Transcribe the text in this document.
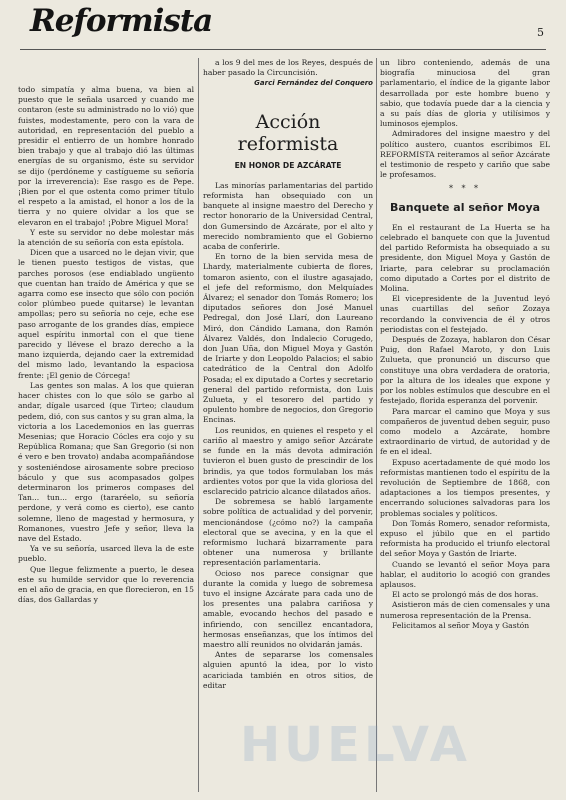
Reformista	5

todo simpatía y alma buena, va bien al puesto que le señala usarced y cuando me contaron (este su administrado no lo vió) que fuistes, modestamente, pero con la vara de autoridad, en representación del pueblo a presidir el entierro de un hombre honrado bien trabajo y que al trabajo dió las últimas energías de su organismo, éste su servidor se dijo (perdóneme y castígueme su señoría por la irreverencia): Ese rasgo es de Pepe. ¡Bien por el que ostenta como primer título el respeto a la amistad, el honor a los de la tierra y no quiere olvidar a los que se elevaron en el trabajo! ¡Pobre Miguel Mora!

Y este su servidor no debe molestar más la atención de su señoría con esta epístola.

Dicen que a usarced no le dejan vivir, que le tienen puesto testigos de vistas, que parches porosos (ese endiablado ungüento que cuentan han traído de América y que se agarra como ese insecto que sólo con poción color plúmbeo puede quitarse) le levantan ampollas; pero su señoría no ceje, eche ese paso arrogante de los grandes días, empiece aquel espíritu inmortal con el que tiene parecido y llévese el brazo derecho a la mano izquierda, dejando caer la extremidad del mismo lado, levantando la espaciosa frente: ¡El genio de Córcega!

Las gentes son malas. A los que quieran hacer chistes con lo que sólo se garbo al andar, dígale usarced (que Tirteo; claudum pedem, dió, con sus cantos y su gran alma, la victoria a los Lacedemonios en las guerras Mesenias; que Horacio Cócles era cojo y su República Romana; que San Gregorio (si non é vero e ben trovato) andaba acompañándose y sosteniéndose airosamente sobre precioso báculo y que sus acompasados golpes determinaron los primeros compases del Tan... tun... ergo (tararéelo, su señoría perdone, y verá como es cierto), ese canto solemne, lleno de magestad y hermosura, y Romanones, vuestro Jefe y señor, lleva la nave del Estado.

Ya ve su señoría, usarced lleva la de este pueblo.

Que llegue felizmente a puerto, le desea este su humilde servidor que lo reverencia en el año de gracia, en que florecieron, en 15 días, dos Gallardas y

a los 9 del mes de los Reyes, después de haber pasado la Circuncisión.

Garci Fernández del Conquero
Acción reformista
EN HONOR DE AZCÁRATE

Las minorías parlamentarias del partido reformista han obsequiado con un banquete al insigne maestro del Derecho y rector honorario de la Universidad Central, don Gumersindo de Azcárate, por el alto y merecido nombramiento que el Gobierno acaba de conferirle.

En torno de la bien servida mesa de Lhardy, materialmente cubierta de flores, tomaron asiento, con el ilustre agasajado, el jefe del reformismo, don Melquíades Álvarez; el senador don Tomás Romero; los diputados señores don José Manuel Pedregal, don José Llarí, don Laureano Miró, don Cándido Lamana, don Ramón Álvarez Valdés, don Indalecio Corugedo, don Juan Uña, don Miguel Moya y Gastón de Iriarte y don Leopoldo Palacios; el sabio catedrático de la Central don Adolfo Posada; el ex diputado a Cortes y secretario general del partido reformista, don Luis Zulueta, y el tesorero del partido y opulento hombre de negocios, don Gregorio Encinas.

Los reunidos, en quienes el respeto y el cariño al maestro y amigo señor Azcárate se funde en la más devota admiración tuvieron el buen gusto de prescindir de los brindis, ya que todos formulaban los más ardientes votos por que la vida gloriosa del esclarecido patricio alcance dilatados años.

De sobremesa se habló largamente sobre política de actualidad y del porvenir, mencionándose (¿cómo no?) la campaña electoral que se avecina, y en la que el reformismo luchará bizarramente para obtener una numerosa y brillante representación parlamentaria.

Ocioso nos parece consignar que durante la comida y luego de sobremesa tuvo el insigne Azcárate para cada uno de los presentes una palabra cariñosa y amable, evocando hechos del pasado e infiriendo, con sencillez encantadora, hermosas enseñanzas, que los íntimos del maestro allí reunidos no olvidarán jamás.

Antes de separarse los comensales alguien apuntó la idea, por lo visto acariciada también en otros sitios, de editar

un libro conteniendo, además de una biografía minuciosa del gran parlamentario, el índice de la gigante labor desarrollada por este hombre bueno y sabio, que todavía puede dar a la ciencia y a su país días de gloria y utilísimos y luminosos ejemplos.

Admiradores del insigne maestro y del político austero, cuantos escribimos EL REFORMISTA reiteramos al señor Azcárate el testimonio de respeto y cariño que sabe le profesamos.

* * *
Banquete al señor Moya

En el restaurant de La Huerta se ha celebrado el banquete con que la Juventud del partido Reformista ha obsequiado a su presidente, don Miguel Moya y Gastón de Iriarte, para celebrar su proclamación como diputado a Cortes por el distrito de Molina.

El vicepresidente de la Juventud leyó unas cuartillas del señor Zozaya recordando la convivencia de él y otros periodistas con el festejado.

Después de Zozaya, hablaron don César Puig, don Rafael Maroto, y don Luis Zulueta, que pronunció un discurso que constituye una obra verdadera de oratoria, por la altura de los ideales que expone y por los nobles estímulos que descubre en el festejado, florida esperanza del porvenir.

Para marcar el camino que Moya y sus compañeros de juventud deben seguir, puso como modelo a Azcárate, hombre extraordinario de virtud, de autoridad y de fe en el ideal.

Expuso acertadamente de qué modo los reformistas mantienen todo el espíritu de la revolución de Septiembre de 1868, con adaptaciones a los tiempos presentes, y encerrando soluciones salvadoras para los problemas sociales y políticos.

Don Tomás Romero, senador reformista, expuso el júbilo que en el partido reformista ha producido el triunfo electoral del señor Moya y Gastón de Iriarte.

Cuando se levantó el señor Moya para hablar, el auditorio lo acogió con grandes aplausos.

El acto se prolongó más de dos horas.

Asistieron más de cien comensales y una numerosa representación de la Prensa.

Felicitamos al señor Moya y Gastón

HUELVA
